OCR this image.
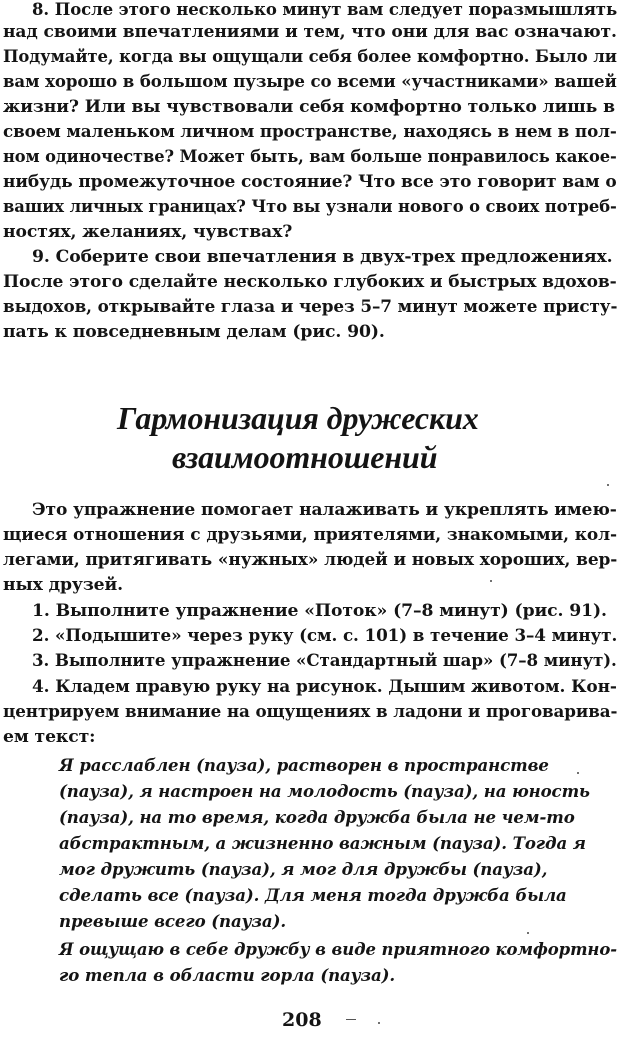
8. После этого несколько минут вам следует поразмышлять
над своими впечатлениями и тем, что они для вас означают.
Подумайте, когда вы ощущали себя более комфортно. Было ли
вам хорошо в большом пузыре со всеми «участниками» вашей
жизни? Или вы чувствовали себя комфортно только лишь в
своем маленьком личном пространстве, находясь в нем в пол-
ном одиночестве? Может быть, вам больше понравилось какое-
нибудь промежуточное состояние? Что все это говорит вам о
ваших личных границах? Что вы узнали нового о своих потреб-
ностях, желаниях, чувствах?
9. Соберите свои впечатления в двух-трех предложениях.
После этого сделайте несколько глубоких и быстрых вдохов-
выдохов, открывайте глаза и через 5–7 минут можете присту-
пать к повседневным делам (рис. 90).
Гармонизация дружеских
взаимоотношений
Это упражнение помогает налаживать и укреплять имею-
щиеся отношения с друзьями, приятелями, знакомыми, кол-
легами, притягивать «нужных» людей и новых хороших, вер-
ных друзей.
1. Выполните упражнение «Поток» (7–8 минут) (рис. 91).
2. «Подышите» через руку (см. с. 101) в течение 3–4 минут.
3. Выполните упражнение «Стандартный шар» (7–8 минут).
4. Кладем правую руку на рисунок. Дышим животом. Кон-
центрируем внимание на ощущениях в ладони и проговарива-
ем текст:
Я расслаблен (пауза), растворен в пространстве
(пауза), я настроен на молодость (пауза), на юность
(пауза), на то время, когда дружба была не чем-то
абстрактным, а жизненно важным (пауза). Тогда я
мог дружить (пауза), я мог для дружбы (пауза),
сделать все (пауза). Для меня тогда дружба была
превыше всего (пауза).
Я ощущаю в себе дружбу в виде приятного комфортно-
го тепла в области горла (пауза).
208
